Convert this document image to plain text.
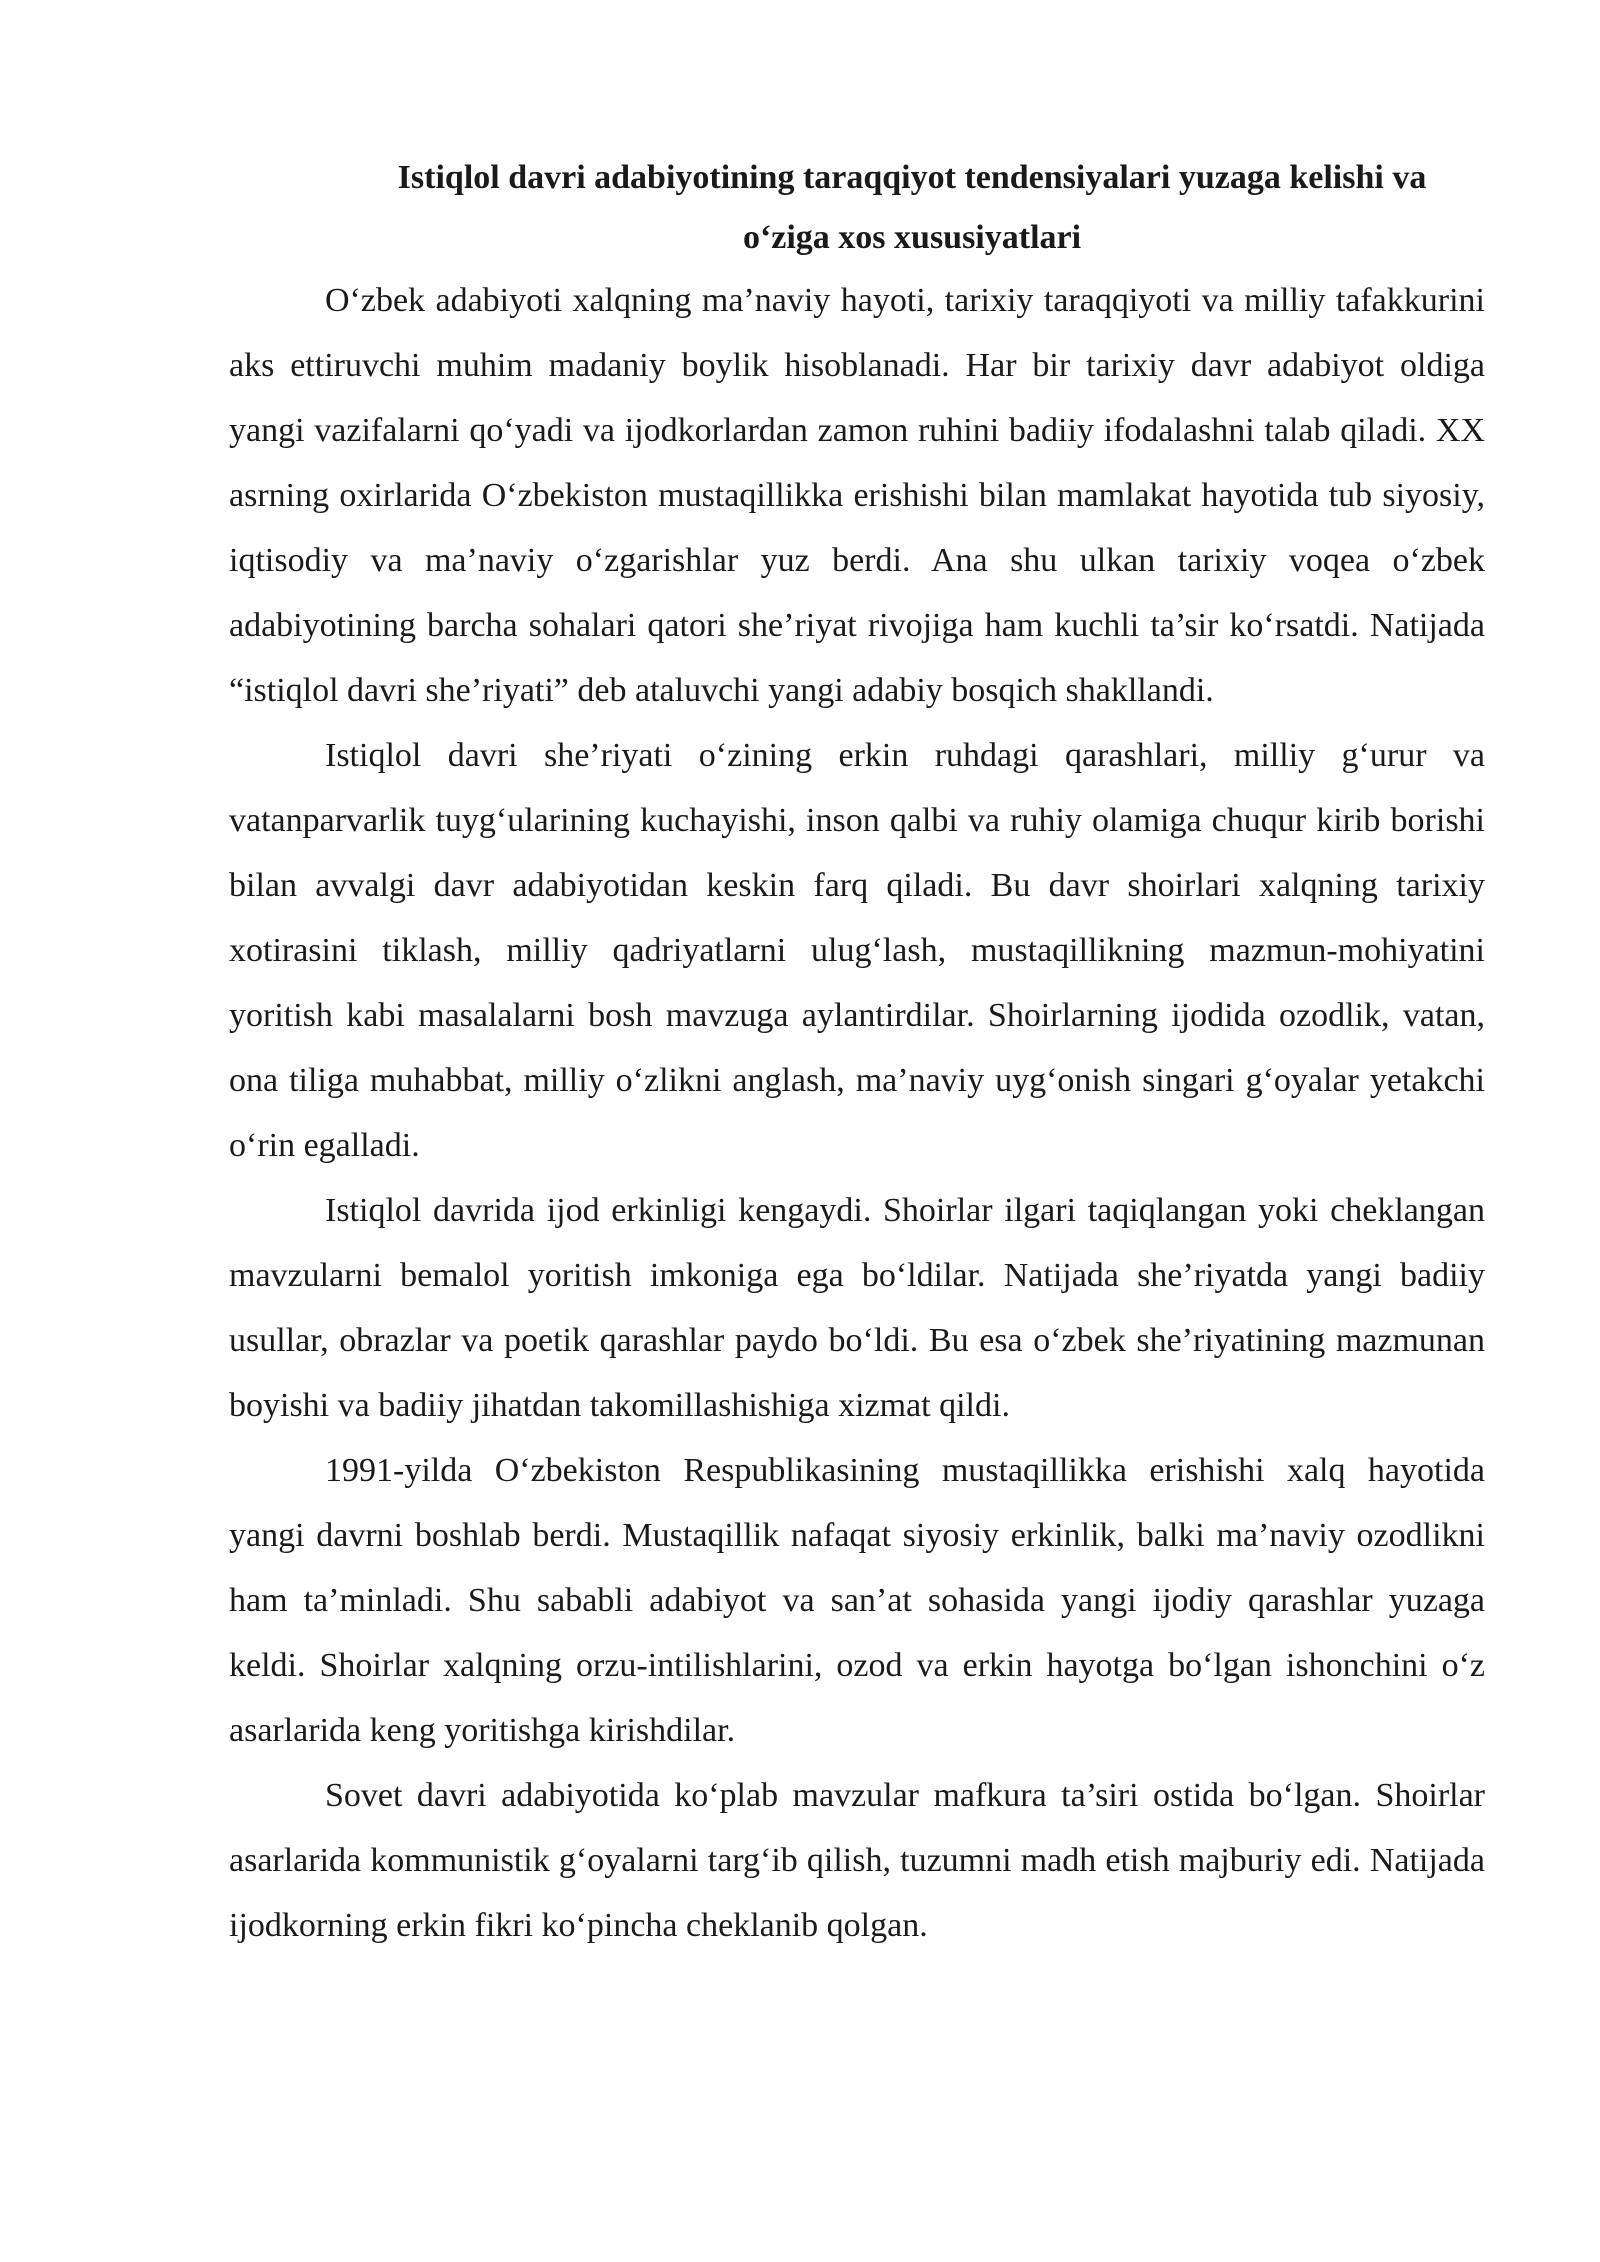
Istiqlol davri adabiyotining taraqqiyot tendensiyalari yuzaga kelishi va
o‘ziga xos xususiyatlari

O‘zbek adabiyoti xalqning ma’naviy hayoti, tarixiy taraqqiyoti va milliy tafakkurini aks ettiruvchi muhim madaniy boylik hisoblanadi. Har bir tarixiy davr adabiyot oldiga yangi vazifalarni qo‘yadi va ijodkorlardan zamon ruhini badiiy ifodalashni talab qiladi. XX asrning oxirlarida O‘zbekiston mustaqillikka erishishi bilan mamlakat hayotida tub siyosiy, iqtisodiy va ma’naviy o‘zgarishlar yuz berdi. Ana shu ulkan tarixiy voqea o‘zbek adabiyotining barcha sohalari qatori she’riyat rivojiga ham kuchli ta’sir ko‘rsatdi. Natijada “istiqlol davri she’riyati” deb ataluvchi yangi adabiy bosqich shakllandi.

Istiqlol davri she’riyati o‘zining erkin ruhdagi qarashlari, milliy g‘urur va vatanparvarlik tuyg‘ularining kuchayishi, inson qalbi va ruhiy olamiga chuqur kirib borishi bilan avvalgi davr adabiyotidan keskin farq qiladi. Bu davr shoirlari xalqning tarixiy xotirasini tiklash, milliy qadriyatlarni ulug‘lash, mustaqillikning mazmun-mohiyatini yoritish kabi masalalarni bosh mavzuga aylantirdilar. Shoirlarning ijodida ozodlik, vatan, ona tiliga muhabbat, milliy o‘zlikni anglash, ma’naviy uyg‘onish singari g‘oyalar yetakchi o‘rin egalladi.

Istiqlol davrida ijod erkinligi kengaydi. Shoirlar ilgari taqiqlangan yoki cheklangan mavzularni bemalol yoritish imkoniga ega bo‘ldilar. Natijada she’riyatda yangi badiiy usullar, obrazlar va poetik qarashlar paydo bo‘ldi. Bu esa o‘zbek she’riyatining mazmunan boyishi va badiiy jihatdan takomillashishiga xizmat qildi.

1991-yilda O‘zbekiston Respublikasining mustaqillikka erishishi xalq hayotida yangi davrni boshlab berdi. Mustaqillik nafaqat siyosiy erkinlik, balki ma’naviy ozodlikni ham ta’minladi. Shu sababli adabiyot va san’at sohasida yangi ijodiy qarashlar yuzaga keldi. Shoirlar xalqning orzu-intilishlarini, ozod va erkin hayotga bo‘lgan ishonchini o‘z asarlarida keng yoritishga kirishdilar.

Sovet davri adabiyotida ko‘plab mavzular mafkura ta’siri ostida bo‘lgan. Shoirlar asarlarida kommunistik g‘oyalarni targ‘ib qilish, tuzumni madh etish majburiy edi. Natijada ijodkorning erkin fikri ko‘pincha cheklanib qolgan.
